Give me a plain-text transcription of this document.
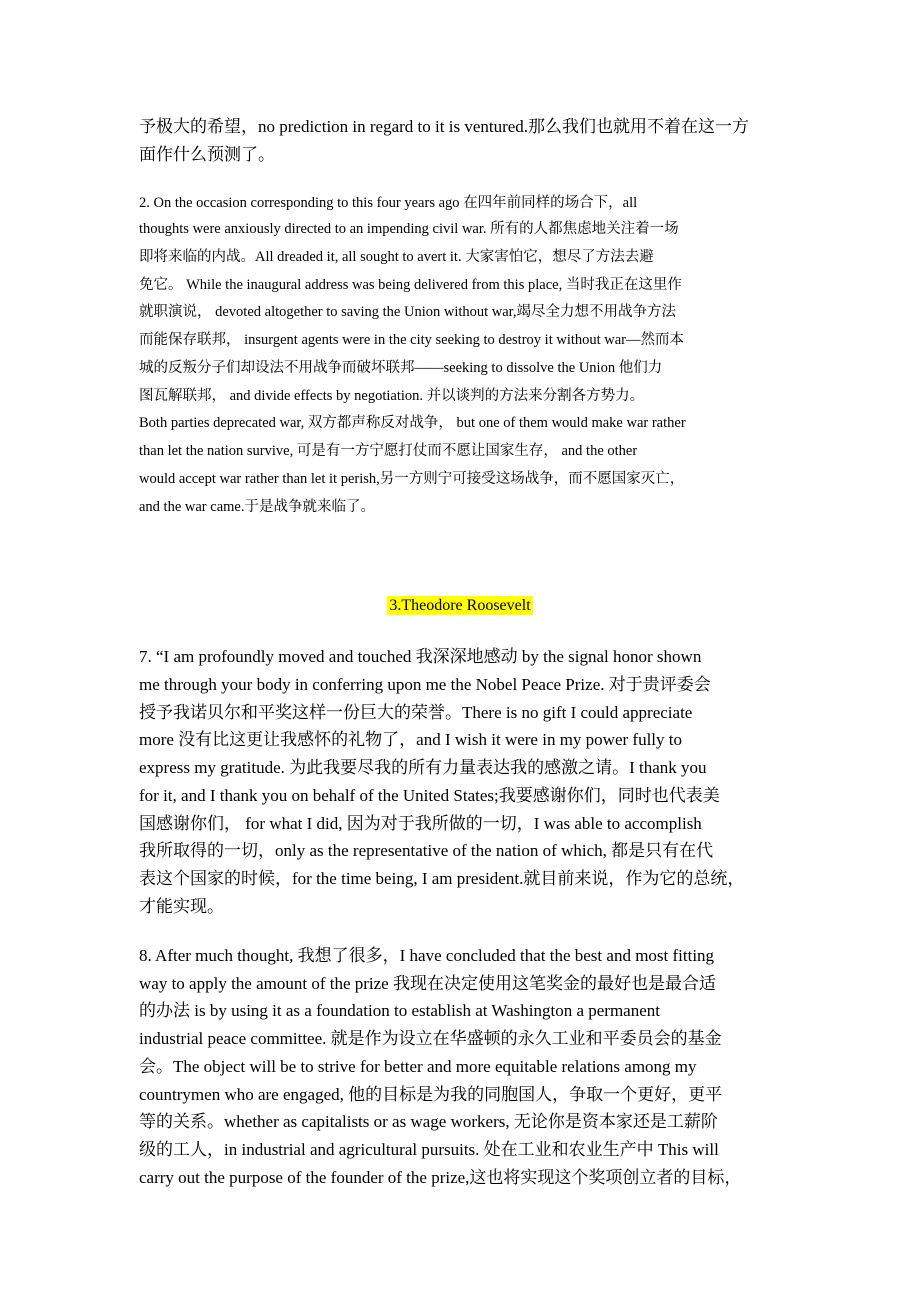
予极大的希望，no prediction in regard to it is ventured.那么我们也就用不着在这一方
面作什么预测了。
2. On the occasion corresponding to this four years ago 在四年前同样的场合下，all
thoughts were anxiously directed to an impending civil war. 所有的人都焦虑地关注着一场
即将来临的内战。All dreaded it, all sought to avert it. 大家害怕它，想尽了方法去避
免它。 While the inaugural address was being delivered from this place, 当时我正在这里作
就职演说， devoted altogether to saving the Union without war,竭尽全力想不用战争方法
而能保存联邦， insurgent agents were in the city seeking to destroy it without war—然而本
城的反叛分子们却设法不用战争而破坏联邦——seeking to dissolve the Union 他们力
图瓦解联邦， and divide effects by negotiation. 并以谈判的方法来分割各方势力。
Both parties deprecated war, 双方都声称反对战争， but one of them would make war rather
than let the nation survive, 可是有一方宁愿打仗而不愿让国家生存， and the other
would accept war rather than let it perish,另一方则宁可接受这场战争，而不愿国家灭亡，
and the war came.于是战争就来临了。
3.Theodore Roosevelt
7. “I am profoundly moved and touched 我深深地感动 by the signal honor shown
me through your body in conferring upon me the Nobel Peace Prize. 对于贵评委会
授予我诺贝尔和平奖这样一份巨大的荣誉。There is no gift I could appreciate
more 没有比这更让我感怀的礼物了，and I wish it were in my power fully to
express my gratitude. 为此我要尽我的所有力量表达我的感激之请。I thank you
for it, and I thank you on behalf of the United States;我要感谢你们，同时也代表美
国感谢你们， for what I did, 因为对于我所做的一切，I was able to accomplish
我所取得的一切，only as the representative of the nation of which, 都是只有在代
表这个国家的时候，for the time being, I am president.就目前来说，作为它的总统，
才能实现。
8. After much thought, 我想了很多，I have concluded that the best and most fitting
way to apply the amount of the prize 我现在决定使用这笔奖金的最好也是最合适
的办法 is by using it as a foundation to establish at Washington a permanent
industrial peace committee. 就是作为设立在华盛顿的永久工业和平委员会的基金
会。The object will be to strive for better and more equitable relations among my
countrymen who are engaged, 他的目标是为我的同胞国人，争取一个更好，更平
等的关系。whether as capitalists or as wage workers, 无论你是资本家还是工薪阶
级的工人，in industrial and agricultural pursuits. 处在工业和农业生产中 This will
carry out the purpose of the founder of the prize,这也将实现这个奖项创立者的目标，
